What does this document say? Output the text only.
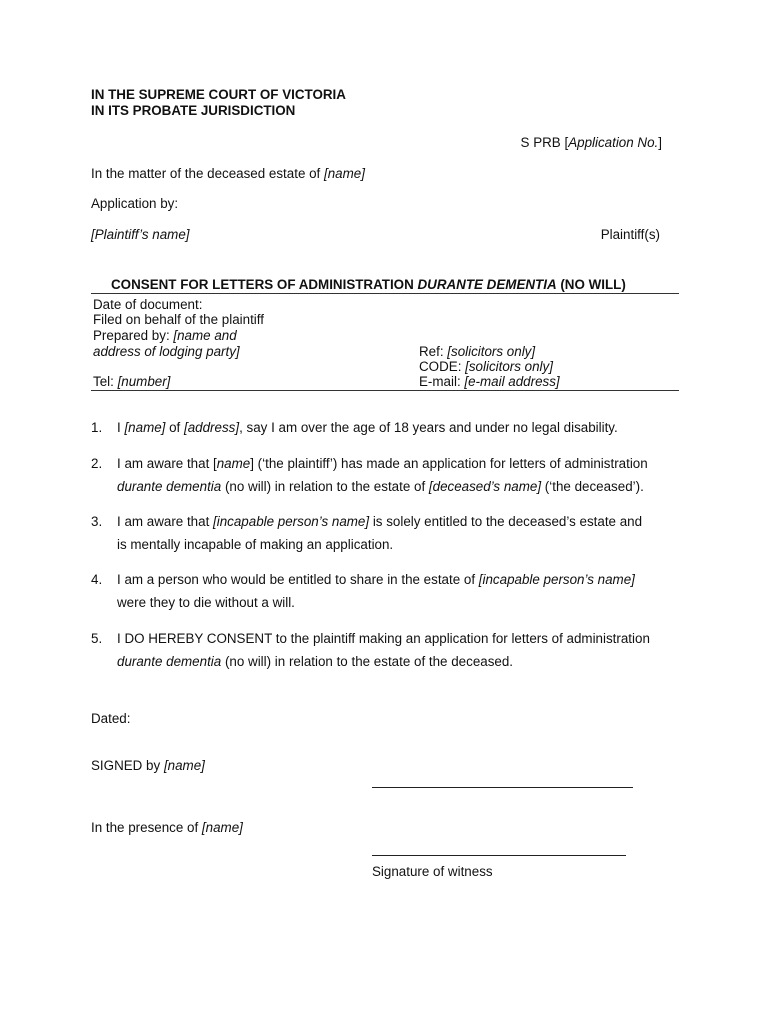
IN THE SUPREME COURT OF VICTORIA
IN ITS PROBATE JURISDICTION
S PRB [Application No.]
In the matter of the deceased estate of [name]
Application by:
[Plaintiff’s name]	Plaintiff(s)
CONSENT FOR LETTERS OF ADMINISTRATION DURANTE DEMENTIA (NO WILL)
Date of document:
Filed on behalf of the plaintiff
Prepared by: [name and
address of lodging party]
Tel: [number]
Ref: [solicitors only]
CODE: [solicitors only]
E-mail: [e-mail address]
1. I [name] of [address], say I am over the age of 18 years and under no legal disability.
2. I am aware that [name] (‘the plaintiff’) has made an application for letters of administration
durante dementia (no will) in relation to the estate of [deceased’s name] (‘the deceased’).
3. I am aware that [incapable person’s name] is solely entitled to the deceased’s estate and
is mentally incapable of making an application.
4. I am a person who would be entitled to share in the estate of [incapable person’s name]
were they to die without a will.
5. I DO HEREBY CONSENT to the plaintiff making an application for letters of administration
durante dementia (no will) in relation to the estate of the deceased.
Dated:
SIGNED by [name]
In the presence of [name]
Signature of witness
